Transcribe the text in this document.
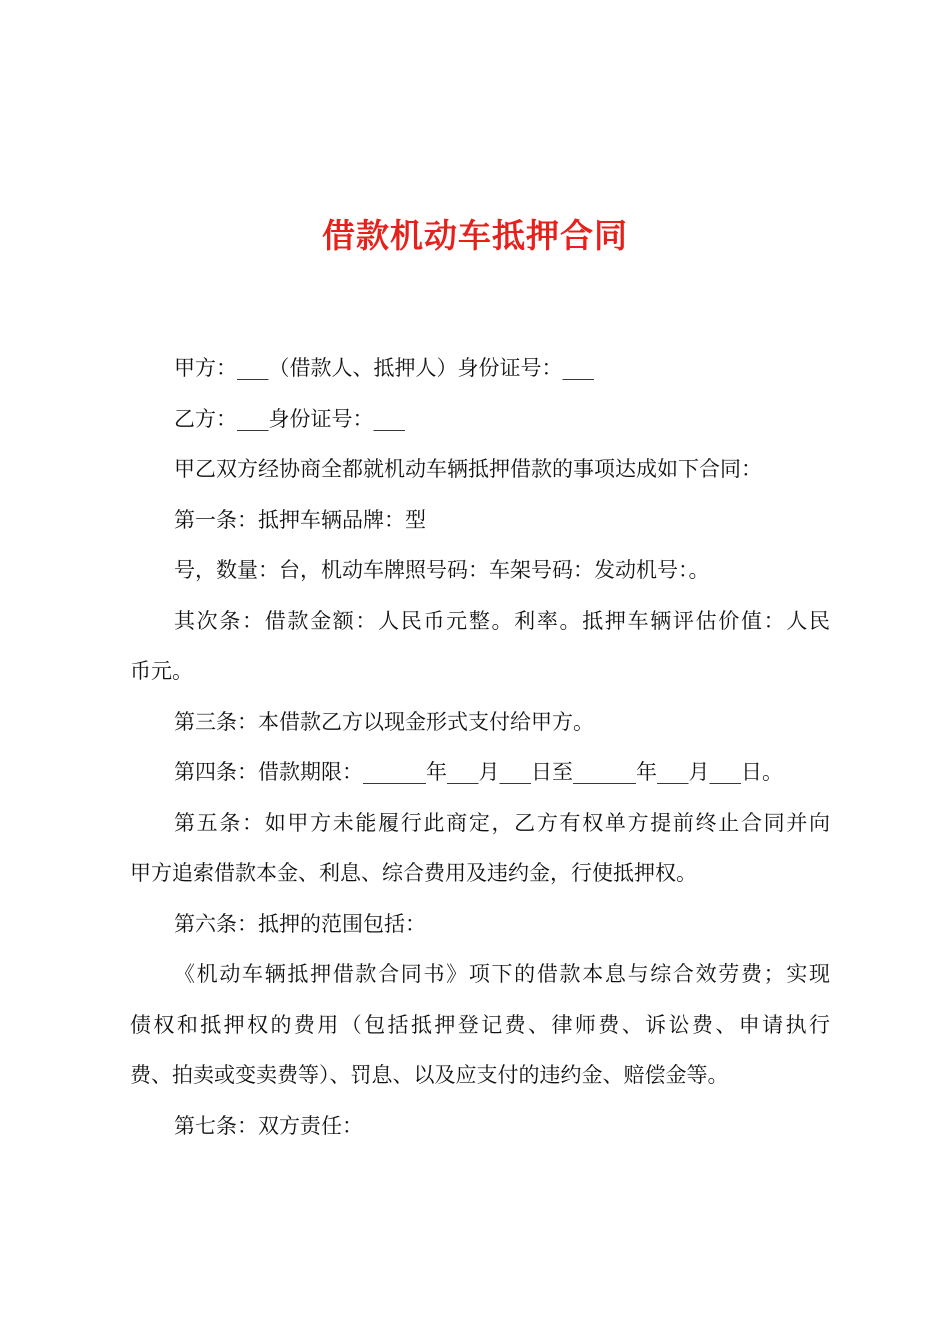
借款机动车抵押合同
甲方：___（借款人、抵押人）身份证号：___
乙方：___身份证号：___
甲乙双方经协商全都就机动车辆抵押借款的事项达成如下合同：
第一条：抵押车辆品牌：型
号，数量：台，机动车牌照号码：车架号码：发动机号：。
其次条：借款金额：人民币元整。利率。抵押车辆评估价值：人民
币元。
第三条：本借款乙方以现金形式支付给甲方。
第四条：借款期限：______年___月___日至______年___月___日。
第五条：如甲方未能履行此商定，乙方有权单方提前终止合同并向
甲方追索借款本金、利息、综合费用及违约金，行使抵押权。
第六条：抵押的范围包括：
《机动车辆抵押借款合同书》项下的借款本息与综合效劳费；实现
债权和抵押权的费用（包括抵押登记费、律师费、诉讼费、申请执行
费、拍卖或变卖费等）、罚息、以及应支付的违约金、赔偿金等。
第七条：双方责任：
